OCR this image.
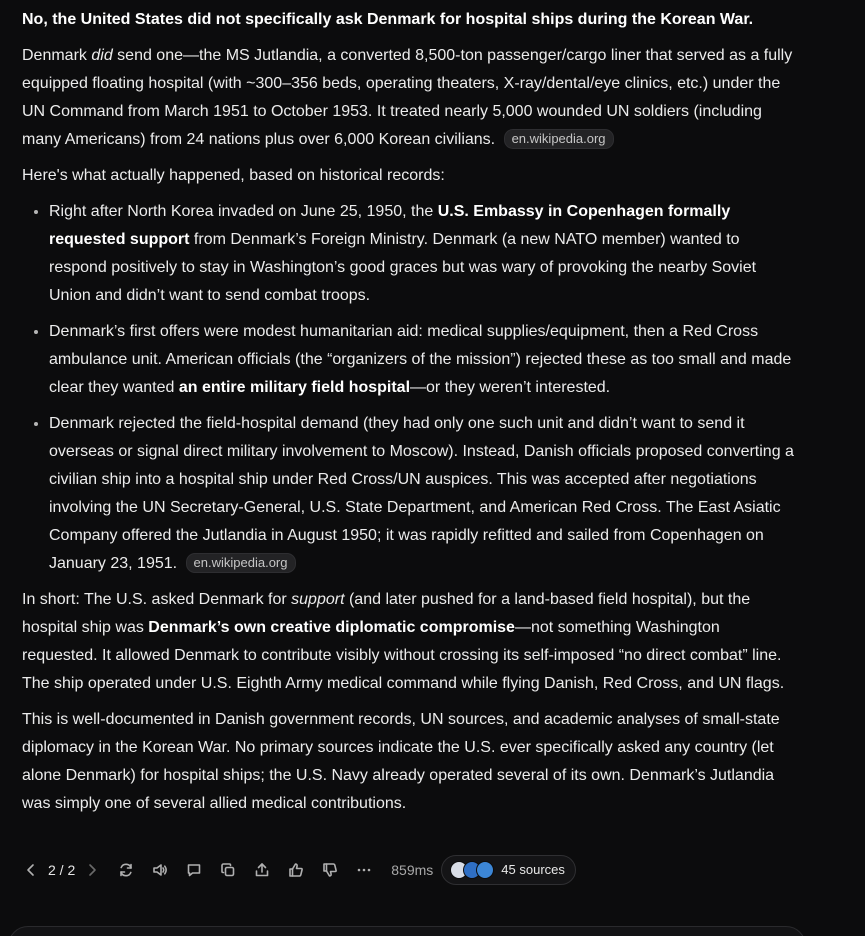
No, the United States did not specifically ask Denmark for hospital ships during the Korean War.

Denmark did send one—the MS Jutlandia, a converted 8,500-ton passenger/cargo liner that served as a fully equipped floating hospital (with ~300–356 beds, operating theaters, X-ray/dental/eye clinics, etc.) under the UN Command from March 1951 to October 1953. It treated nearly 5,000 wounded UN soldiers (including many Americans) from 24 nations plus over 6,000 Korean civilians. en.wikipedia.org

Here's what actually happened, based on historical records:

• Right after North Korea invaded on June 25, 1950, the U.S. Embassy in Copenhagen formally requested support from Denmark’s Foreign Ministry. Denmark (a new NATO member) wanted to respond positively to stay in Washington’s good graces but was wary of provoking the nearby Soviet Union and didn’t want to send combat troops.
• Denmark’s first offers were modest humanitarian aid: medical supplies/equipment, then a Red Cross ambulance unit. American officials (the “organizers of the mission”) rejected these as too small and made clear they wanted an entire military field hospital—or they weren’t interested.
• Denmark rejected the field-hospital demand (they had only one such unit and didn’t want to send it overseas or signal direct military involvement to Moscow). Instead, Danish officials proposed converting a civilian ship into a hospital ship under Red Cross/UN auspices. This was accepted after negotiations involving the UN Secretary-General, U.S. State Department, and American Red Cross. The East Asiatic Company offered the Jutlandia in August 1950; it was rapidly refitted and sailed from Copenhagen on January 23, 1951. en.wikipedia.org

In short: The U.S. asked Denmark for support (and later pushed for a land-based field hospital), but the hospital ship was Denmark’s own creative diplomatic compromise—not something Washington requested. It allowed Denmark to contribute visibly without crossing its self-imposed “no direct combat” line. The ship operated under U.S. Eighth Army medical command while flying Danish, Red Cross, and UN flags.

This is well-documented in Danish government records, UN sources, and academic analyses of small-state diplomacy in the Korean War. No primary sources indicate the U.S. ever specifically asked any country (let alone Denmark) for hospital ships; the U.S. Navy already operated several of its own. Denmark’s Jutlandia was simply one of several allied medical contributions.

2 / 2	859ms	45 sources
